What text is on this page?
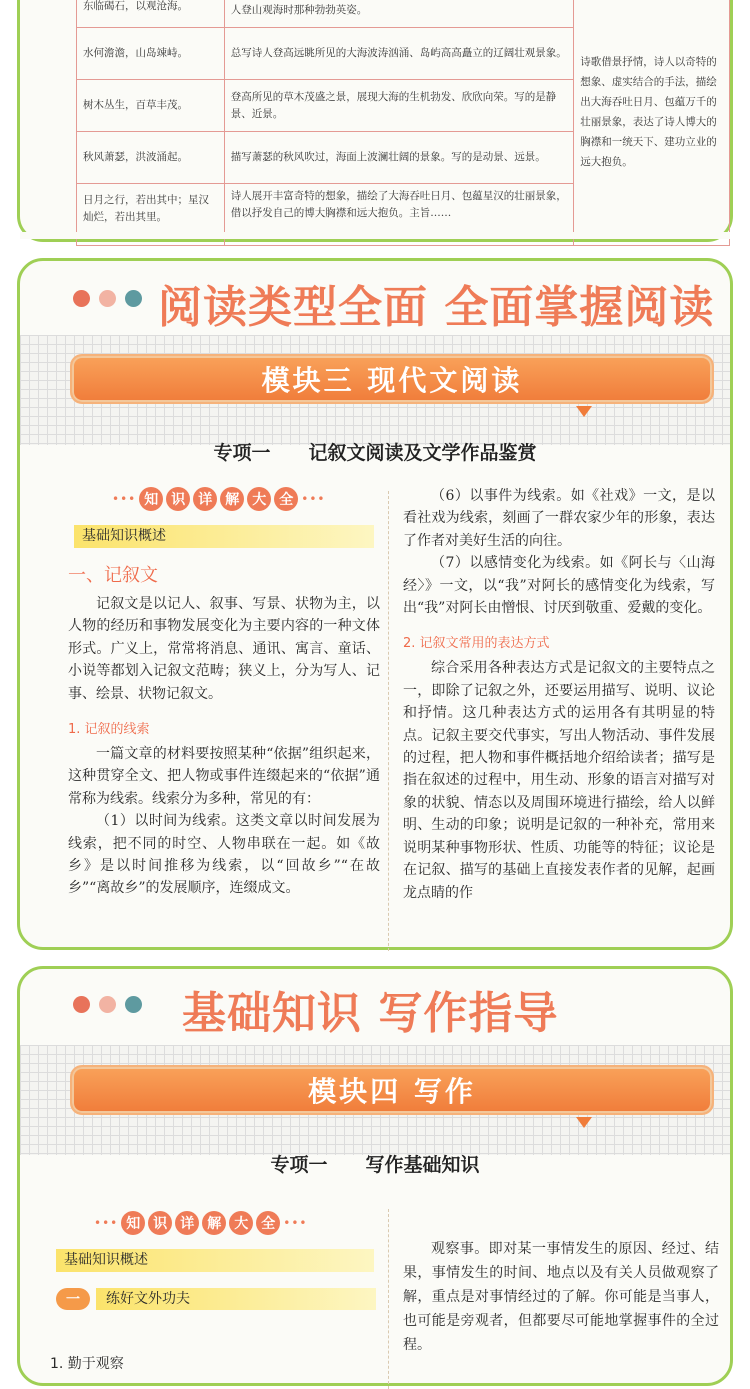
东临碣石，以观沧海。	人登山观海时那种勃勃英姿。	诗歌借景抒情，诗人以奇特的想象、虚实结合的手法，描绘出大海吞吐日月、包蕴万千的壮丽景象，表达了诗人博大的胸襟和一统天下、建功立业的远大抱负。

水何澹澹，山岛竦峙。	总写诗人登高远眺所见的大海波涛汹涌、岛屿高高矗立的辽阔壮观景象。	
树木丛生，百草丰茂。	登高所见的草木茂盛之景，展现大海的生机勃发、欣欣向荣。写的是静景、近景。	
秋风萧瑟，洪波涌起。	描写萧瑟的秋风吹过，海面上波澜壮阔的景象。写的是动景、远景。	
日月之行，若出其中；星汉灿烂，若出其里。	诗人展开丰富奇特的想象，描绘了大海吞吐日月、包蕴星汉的壮丽景象，借以抒发自己的博大胸襟和远大抱负。主旨……	
阅读类型全面 全面掌握阅读
模块三 现代文阅读
专项一 记叙文阅读及文学作品鉴赏
••• 知 识 详 解 大 全 •••
基础知识概述
一、记叙文

记叙文是以记人、叙事、写景、状物为主，以人物的经历和事物发展变化为主要内容的一种文体形式。广义上，常常将消息、通讯、寓言、童话、小说等都划入记叙文范畴；狭义上，分为写人、记事、绘景、状物记叙文。

1. 记叙的线索

一篇文章的材料要按照某种“依据”组织起来，这种贯穿全文、把人物或事件连缀起来的“依据”通常称为线索。线索分为多种，常见的有：

（1）以时间为线索。这类文章以时间发展为线索，把不同的时空、人物串联在一起。如《故乡》是以时间推移为线索，以“回故乡”“在故乡”“离故乡”的发展顺序，连缀成文。

（6）以事件为线索。如《社戏》一文，是以看社戏为线索，刻画了一群农家少年的形象，表达了作者对美好生活的向往。

（7）以感情变化为线索。如《阿长与〈山海经〉》一文，以“我”对阿长的感情变化为线索，写出“我”对阿长由憎恨、讨厌到敬重、爱戴的变化。

2. 记叙文常用的表达方式

综合采用各种表达方式是记叙文的主要特点之一，即除了记叙之外，还要运用描写、说明、议论和抒情。这几种表达方式的运用各有其明显的特点。记叙主要交代事实，写出人物活动、事件发展的过程，把人物和事件概括地介绍给读者；描写是指在叙述的过程中，用生动、形象的语言对描写对象的状貌、情态以及周围环境进行描绘，给人以鲜明、生动的印象；说明是记叙的一种补充，常用来说明某种事物形状、性质、功能等的特征；议论是在记叙、描写的基础上直接发表作者的见解，起画龙点睛的作

基础知识 写作指导
模块四 写作
专项一 写作基础知识
••• 知 识 详 解 大 全 •••
基础知识概述
一	练好文外功夫
1. 勤于观察

观察事。即对某一事情发生的原因、经过、结果，事情发生的时间、地点以及有关人员做观察了解，重点是对事情经过的了解。你可能是当事人，也可能是旁观者，但都要尽可能地掌握事件的全过程。
